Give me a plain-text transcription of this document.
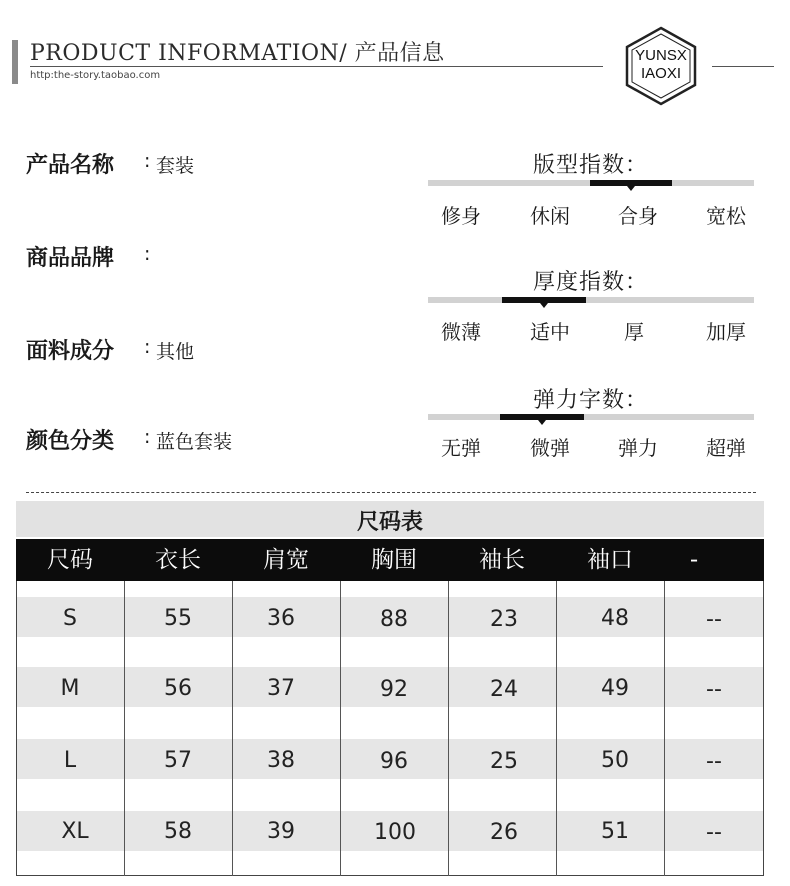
PRODUCT INFORMATION/ 产品信息
http:the-story.taobao.com
YUNSX
IAOXI
产品名称 : 套装
商品品牌 :
面料成分 : 其他
颜色分类 : 蓝色套装
版型指数：
修身	休闲	合身	宽松
厚度指数：
微薄	适中	厚	加厚
弹力字数：
无弹	微弹	弹力	超弹
尺码表
尺码	衣长	肩宽	胸围	袖长	袖口	-
S	55	36	88	23	48	--
M	56	37	92	24	49	--
L	57	38	96	25	50	--
XL	58	39	100	26	51	--
